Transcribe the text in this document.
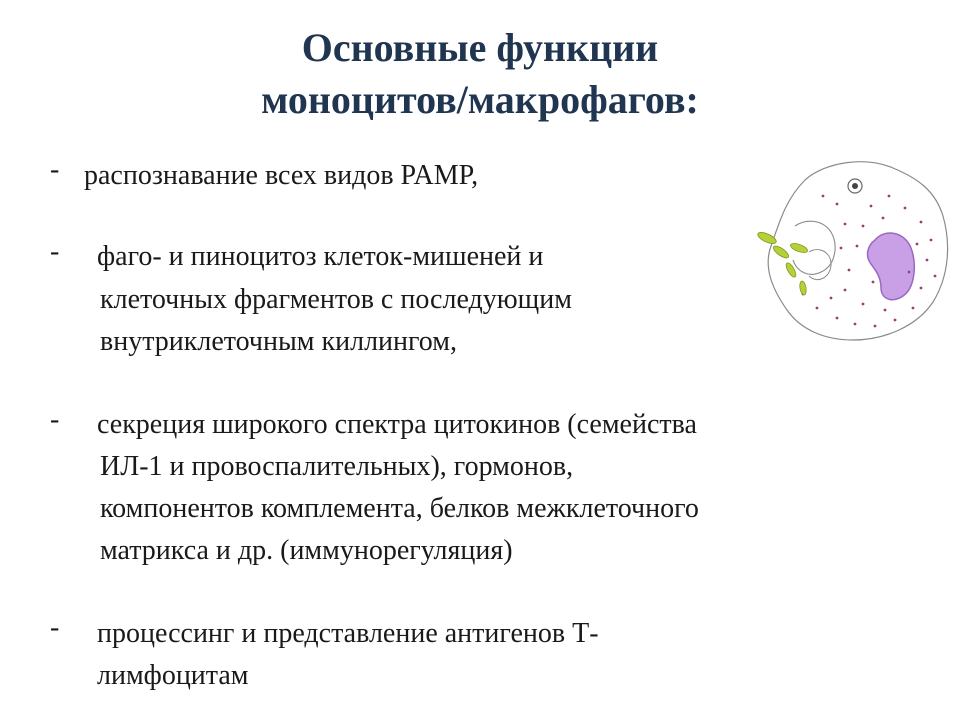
Основные функции
моноцитов/макрофагов:
- распознавание всех видов PAMP,
- фаго- и пиноцитоз клеток-мишеней и
клеточных фрагментов с последующим
внутриклеточным киллингом,
- секреция широкого спектра цитокинов (семейства
ИЛ-1 и провоспалительных), гормонов,
компонентов комплемента, белков межклеточного
матрикса и др. (иммунорегуляция)
- процессинг и представление антигенов Т-
лимфоцитам
